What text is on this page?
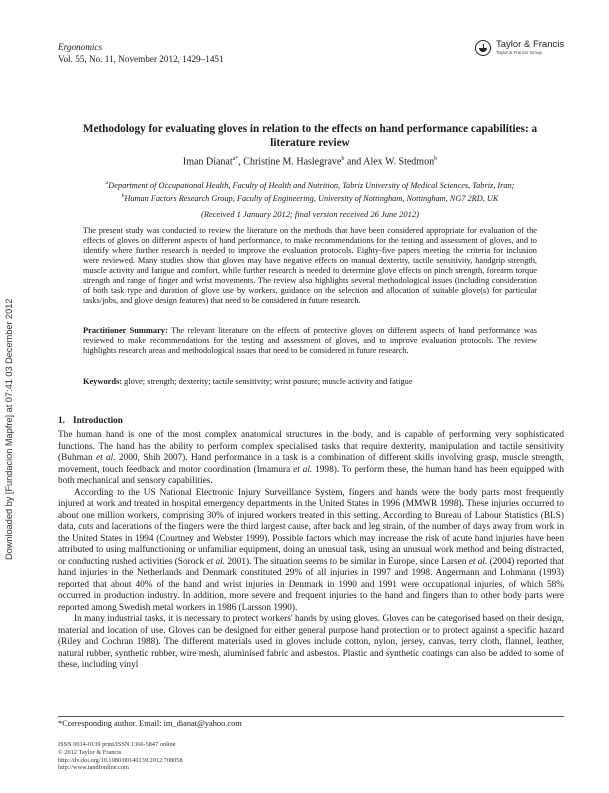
Ergonomics
Vol. 55, No. 11, November 2012, 1429–1451
Taylor & Francis
Taylor & Francis Group
Downloaded by [Fundacion Mapfre] at 07:41 03 December 2012
Methodology for evaluating gloves in relation to the effects on hand performance capabilities: a literature review
Iman Dianat$^{a*}$, Christine M. Haslegrave$^b$ and Alex W. Stedmon$^b$
$^a$Department of Occupational Health, Faculty of Health and Nutrition, Tabriz University of Medical Sciences, Tabriz, Iran;
$^b$Human Factors Research Group, Faculty of Engineering, University of Nottingham, Nottingham, NG7 2RD, UK
(Received 1 January 2012; final version received 26 June 2012)
The present study was conducted to review the literature on the methods that have been considered appropriate for evaluation of the effects of gloves on different aspects of hand performance, to make recommendations for the testing and assessment of gloves, and to identify where further research is needed to improve the evaluation protocols. Eighty-five papers meeting the criteria for inclusion were reviewed. Many studies show that gloves may have negative effects on manual dexterity, tactile sensitivity, handgrip strength, muscle activity and fatigue and comfort, while further research is needed to determine glove effects on pinch strength, forearm torque strength and range of finger and wrist movements. The review also highlights several methodological issues (including consideration of both task type and duration of glove use by workers, guidance on the selection and allocation of suitable glove(s) for particular tasks/jobs, and glove design features) that need to be considered in future research.
Practitioner Summary: The relevant literature on the effects of protective gloves on different aspects of hand performance was reviewed to make recommendations for the testing and assessment of gloves, and to improve evaluation protocols. The review highlights research areas and methodological issues that need to be considered in future research.
Keywords: glove; strength; dexterity; tactile sensitivity; wrist posture; muscle activity and fatigue
1. Introduction

The human hand is one of the most complex anatomical structures in the body, and is capable of performing very sophisticated functions. The hand has the ability to perform complex specialised tasks that require dexterity, manipulation and tactile sensitivity (Buhman et al. 2000, Shih 2007). Hand performance in a task is a combination of different skills involving grasp, muscle strength, movement, touch feedback and motor coordination (Imamura et al. 1998). To perform these, the human hand has been equipped with both mechanical and sensory capabilities.

According to the US National Electronic Injury Surveillance System, fingers and hands were the body parts most frequently injured at work and treated in hospital emergency departments in the United States in 1996 (MMWR 1998). These injuries occurred to about one million workers, comprising 30% of injured workers treated in this setting. According to Bureau of Labour Statistics (BLS) data, cuts and lacerations of the fingers were the third largest cause, after back and leg strain, of the number of days away from work in the United States in 1994 (Courtney and Webster 1999). Possible factors which may increase the risk of acute hand injuries have been attributed to using malfunctioning or unfamiliar equipment, doing an unusual task, using an unusual work method and being distracted, or conducting rushed activities (Sorock et al. 2001). The situation seems to be similar in Europe, since Larsen et al. (2004) reported that hand injuries in the Netherlands and Denmark constituted 29% of all injuries in 1997 and 1998. Angermann and Lohmann (1993) reported that about 40% of the hand and wrist injuries in Denmark in 1990 and 1991 were occupational injuries, of which 58% occurred in production industry. In addition, more severe and frequent injuries to the hand and fingers than to other body parts were reported among Swedish metal workers in 1986 (Larsson 1990).

In many industrial tasks, it is necessary to protect workers' hands by using gloves. Gloves can be categorised based on their design, material and location of use. Gloves can be designed for either general purpose hand protection or to protect against a specific hazard (Riley and Cochran 1988). The different materials used in gloves include cotton, nylon, jersey, canvas, terry cloth, flannel, leather, natural rubber, synthetic rubber, wire mesh, aluminised fabric and asbestos. Plastic and synthetic coatings can also be added to some of these, including vinyl

*Corresponding author. Email: im_dianat@yahoo.com
ISSN 0014-0139 print/ISSN 1366-5847 online
© 2012 Taylor & Francis
http://dx.doi.org/10.1080/00140139.2012.708058
http://www.tandfonline.com
